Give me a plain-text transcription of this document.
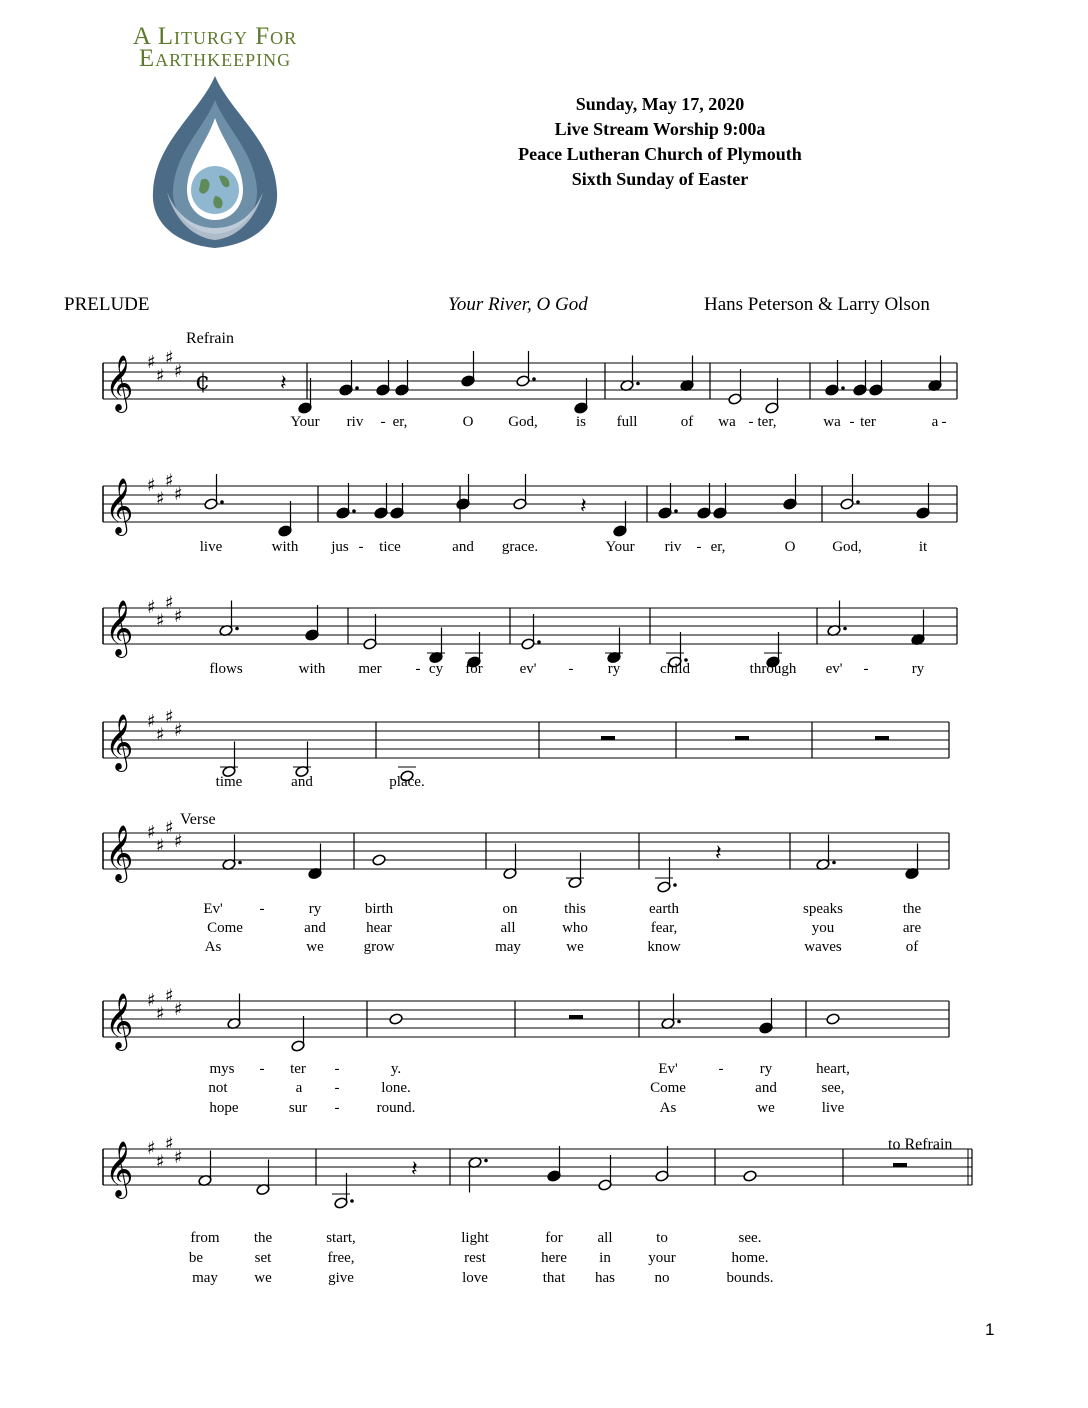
A Liturgy For
Earthkeeping
Sunday, May 17, 2020
Live Stream Worship 9:00a
Peace Lutheran Church of Plymouth
Sixth Sunday of Easter
PRELUDE	Your River, O God	Hans Peterson & Larry Olson
Refrain
Verse
to Refrain
𝄞 ♯
♯
♯
♯ ¢	𝄽
𝄞 ♯
♯
♯
♯	𝄽
𝄞 ♯
♯
♯
♯
𝄞 ♯
♯
♯
♯
𝄞 ♯
♯
♯
♯	𝄽
𝄞 ♯
♯
♯
♯
𝄞 ♯
♯
♯
♯	𝄽
Your riv - er,	O God,	is full	of wa - ter,	wa - ter	a -
live	with jus - tice	and grace.	Your riv - er,	O God,	it
flows	with mer - cy for ev' - ry	child	through ev' -	ry
time	and	place.
Ev' -	ry	birth	on	this	earth	speaks	the
Come	and	hear	all	who	fear,	you	are
As	we	grow	may	we	know	waves	of
mys - ter -	y.	Ev'	- ry	heart,
not	a -	lone.	Come	and	see,
hope	sur - round.	As	we	live
from the	start,	light	for all	to	see.
be	set	free,	rest	here in your	home.
may we	give	love	that has	no	bounds.
1
